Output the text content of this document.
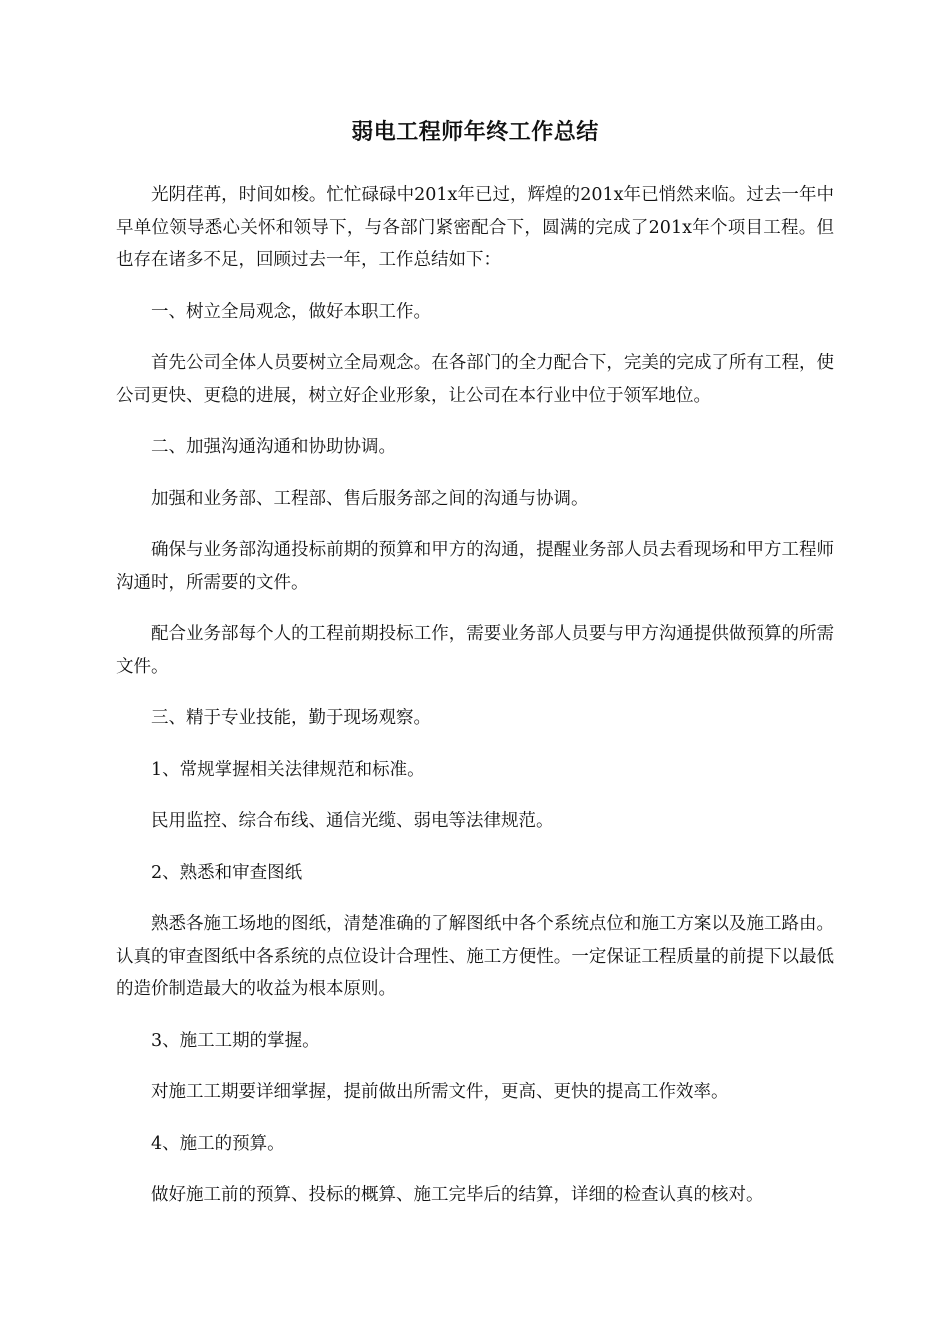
弱电工程师年终工作总结

光阴荏苒，时间如梭。忙忙碌碌中201x年已过，辉煌的201x年已悄然来临。过去一年中早单位领导悉心关怀和领导下，与各部门紧密配合下，圆满的完成了201x年个项目工程。但也存在诸多不足，回顾过去一年，工作总结如下：

一、树立全局观念，做好本职工作。

首先公司全体人员要树立全局观念。在各部门的全力配合下，完美的完成了所有工程，使公司更快、更稳的进展，树立好企业形象，让公司在本行业中位于领军地位。

二、加强沟通沟通和协助协调。

加强和业务部、工程部、售后服务部之间的沟通与协调。

确保与业务部沟通投标前期的预算和甲方的沟通，提醒业务部人员去看现场和甲方工程师沟通时，所需要的文件。

配合业务部每个人的工程前期投标工作，需要业务部人员要与甲方沟通提供做预算的所需文件。

三、精于专业技能，勤于现场观察。

1、常规掌握相关法律规范和标准。

民用监控、综合布线、通信光缆、弱电等法律规范。

2、熟悉和审查图纸

熟悉各施工场地的图纸，清楚准确的了解图纸中各个系统点位和施工方案以及施工路由。认真的审查图纸中各系统的点位设计合理性、施工方便性。一定保证工程质量的前提下以最低的造价制造最大的收益为根本原则。

3、施工工期的掌握。

对施工工期要详细掌握，提前做出所需文件，更高、更快的提高工作效率。

4、施工的预算。

做好施工前的预算、投标的概算、施工完毕后的结算，详细的检查认真的核对。
